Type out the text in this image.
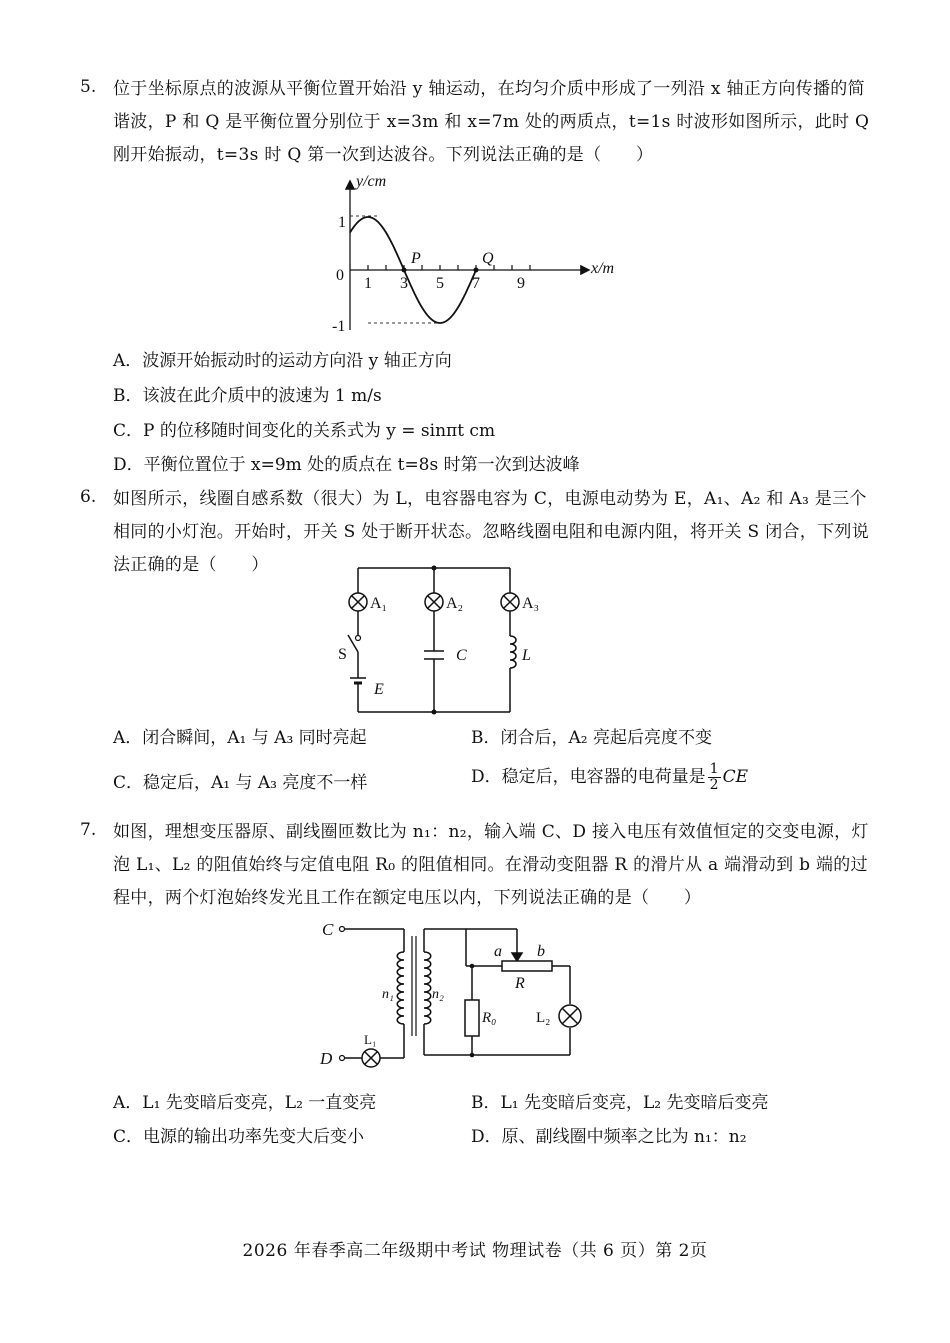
5. 位于坐标原点的波源从平衡位置开始沿 y 轴运动，在均匀介质中形成了一列沿 x 轴正方向传播的简谐波，P 和 Q 是平衡位置分别位于 x=3m 和 x=7m 处的两质点，t=1s 时波形如图所示，此时 Q 刚开始振动，t=3s 时 Q 第一次到达波谷。下列说法正确的是（　　）
y/cm
x/m
0
1
-1
1 3 5 7 9
P	Q
A．波源开始振动时的运动方向沿 y 轴正方向
B．该波在此介质中的波速为 1 m/s
C．P 的位移随时间变化的关系式为 y = sinπt cm
D．平衡位置位于 x=9m 处的质点在 t=8s 时第一次到达波峰
6. 如图所示，线圈自感系数（很大）为 L，电容器电容为 C，电源电动势为 E，A₁、A₂ 和 A₃ 是三个相同的小灯泡。开始时，开关 S 处于断开状态。忽略线圈电阻和电源内阻，将开关 S 闭合，下列说法正确的是（　　）
A₁	A₂	A₃
S	C	L
E
A．闭合瞬间，A₁ 与 A₃ 同时亮起	B．闭合后，A₂ 亮起后亮度不变
C．稳定后，A₁ 与 A₃ 亮度不一样	D．稳定后，电容器的电荷量是 $\frac{1}{2}$ CE
7. 如图，理想变压器原、副线圈匝数比为 n₁：n₂，输入端 C、D 接入电压有效值恒定的交变电源，灯泡 L₁、L₂ 的阻值始终与定值电阻 R₀ 的阻值相同。在滑动变阻器 R 的滑片从 a 端滑动到 b 端的过程中，两个灯泡始终发光且工作在额定电压以内，下列说法正确的是（　　）
C
D
n₁	n₂
a b
R
R₀	L₂
L₁
A．L₁ 先变暗后变亮，L₂ 一直变亮	B．L₁ 先变暗后变亮，L₂ 先变暗后变亮
C．电源的输出功率先变大后变小	D．原、副线圈中频率之比为 n₁：n₂
2026 年春季高二年级期中考试 物理试卷（共 6 页）第 2页
